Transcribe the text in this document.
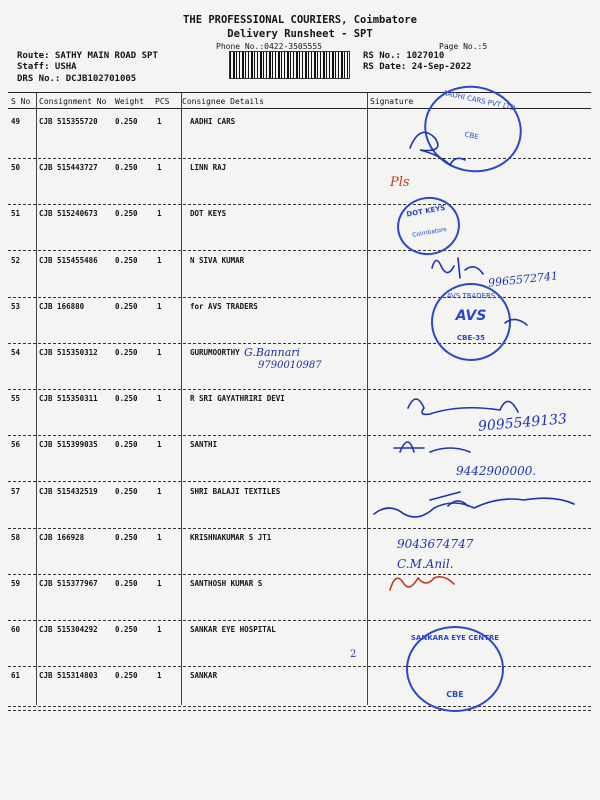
THE PROFESSIONAL COURIERS, Coimbatore
Delivery Runsheet - SPT
Phone No.:0422-3505555	Page No.:5
Route: SATHY MAIN ROAD SPT
Staff: USHA
DRS No.: DCJB102701005
RS No.: 1027010
RS Date: 24-Sep-2022
S No Consignment No Weight PCS Consignee Details	Signature
49	CJB 515355720 0.250	1	AADHI CARS
50	CJB 515443727 0.250	1	LINN RAJ
51	CJB 515240673 0.250	1	DOT KEYS
52	CJB 515455486 0.250	1	N SIVA KUMAR
53	CJB 166880	0.250	1	for AVS TRADERS
54	CJB 515350312 0.250	1	GURUMOORTHY
55	CJB 515350311 0.250	1	R SRI GAYATHRIRI DEVI
56	CJB 515399035 0.250	1	SANTHI
57	CJB 515432519 0.250	1	SHRI BALAJI TEXTILES
58	CJB 166928	0.250	1	KRISHNAKUMAR S JT1
59	CJB 515377967 0.250	1	SANTHOSH KUMAR S
60	CJB 515304292 0.250	1	SANKAR EYE HOSPITAL
61	CJB 515314803 0.250	1	SANKAR
AADHI CARS PVT LTD
CBE
DOT KEYS
Coimbatore
AVS TRADERS
AVS
CBE-35
SANKARA EYE CENTRE
CBE
Pls
9965572741
G.Bannari
9790010987
9095549133
9442900000.
9043674747
C.M.Anil.
2
